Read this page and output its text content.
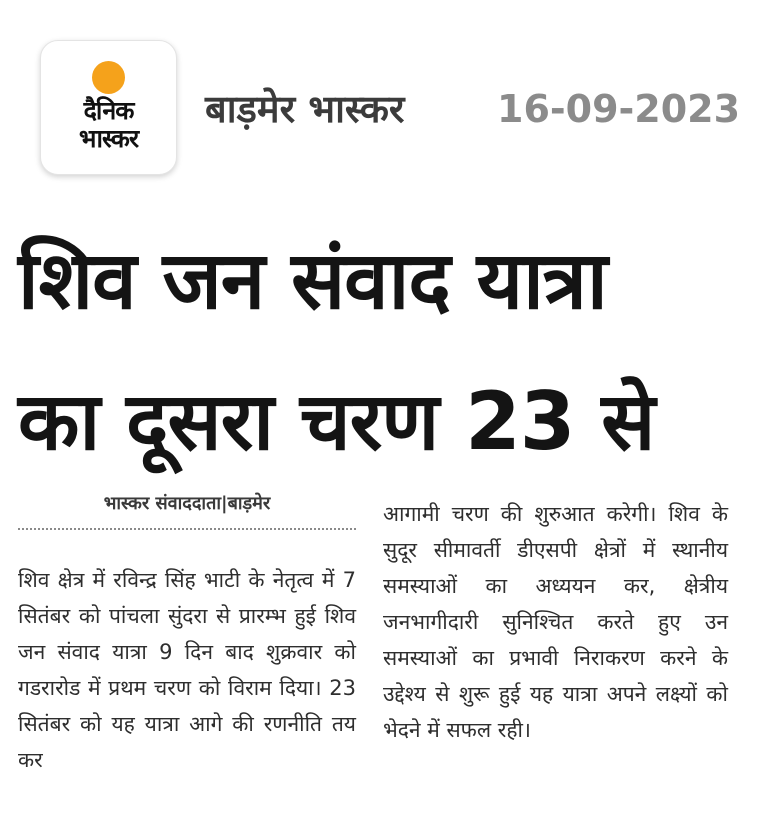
दैनिक
भास्कर
बाड़मेर भास्कर 16-09-2023
शिव जन संवाद यात्रा
का दूसरा चरण 23 से
भास्कर संवाददाता|बाड़मेर

शिव क्षेत्र में रविन्द्र सिंह भाटी के नेतृत्व में 7 सितंबर को पांचला सुंदरा से प्रारम्भ हुई शिव जन संवाद यात्रा 9 दिन बाद शुक्रवार को गडरारोड में प्रथम चरण को विराम दिया। 23 सितंबर को यह यात्रा आगे की रणनीति तय कर

आगामी चरण की शुरुआत करेगी। शिव के सुदूर सीमावर्ती डीएसपी क्षेत्रों में स्थानीय समस्याओं का अध्ययन कर, क्षेत्रीय जनभागीदारी सुनिश्चित करते हुए उन समस्याओं का प्रभावी निराकरण करने के उद्देश्य से शुरू हुई यह यात्रा अपने लक्ष्यों को भेदने में सफल रही।
